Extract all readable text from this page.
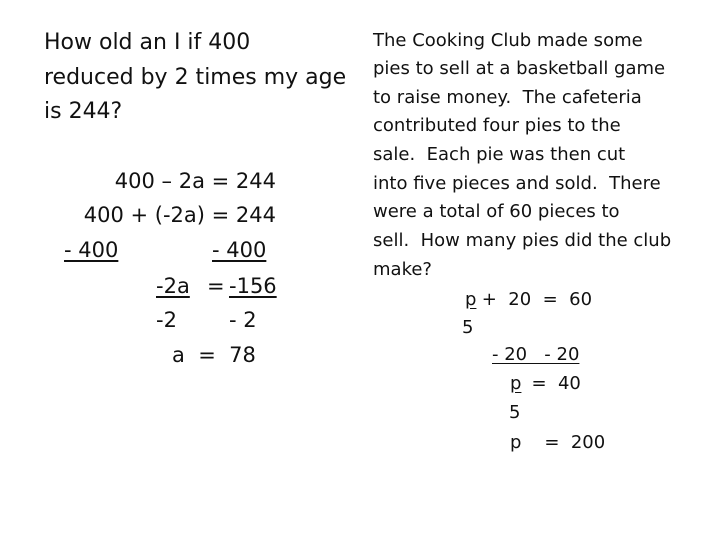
How old an I if 400
reduced by 2 times my age
is 244?
400 – 2a = 244
400 + (-2a) = 244
- 400	- 400
-2a = -156
-2 - 2
a  =  78
The Cooking Club made some
pies to sell at a basketball game
to raise money.  The cafeteria
contributed four pies to the
sale.  Each pie was then cut
into five pieces and sold.  There
were a total of 60 pieces to
sell.  How many pies did the club
make?
p +  20  =  60
5
- 20   - 20
p
=  40
5
p    =  200
